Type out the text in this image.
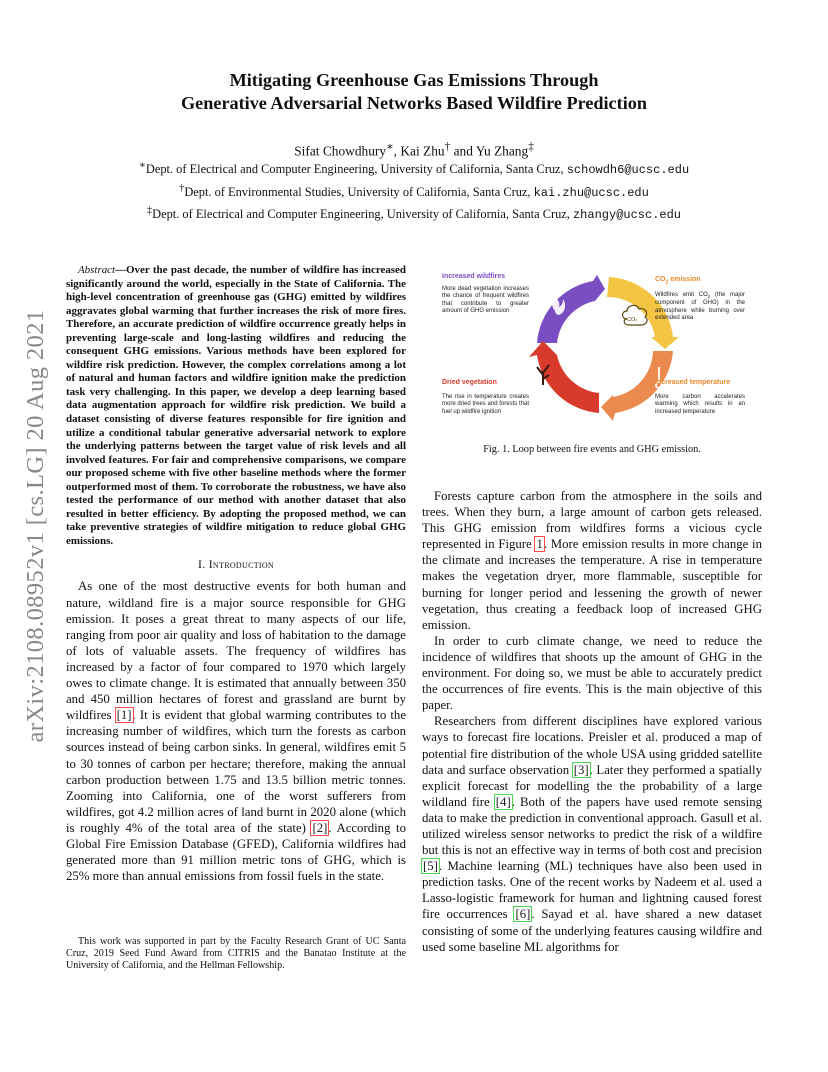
arXiv:2108.08952v1 [cs.LG] 20 Aug 2021
Mitigating Greenhouse Gas Emissions Through
Generative Adversarial Networks Based Wildfire Prediction
Sifat Chowdhury∗, Kai Zhu† and Yu Zhang‡
∗Dept. of Electrical and Computer Engineering, University of California, Santa Cruz, schowdh6@ucsc.edu
†Dept. of Environmental Studies, University of California, Santa Cruz, kai.zhu@ucsc.edu
‡Dept. of Electrical and Computer Engineering, University of California, Santa Cruz, zhangy@ucsc.edu

Abstract—Over the past decade, the number of wildfire has increased significantly around the world, especially in the State of California. The high-level concentration of greenhouse gas (GHG) emitted by wildfires aggravates global warming that further increases the risk of more fires. Therefore, an accurate prediction of wildfire occurrence greatly helps in preventing large-scale and long-lasting wildfires and reducing the consequent GHG emissions. Various methods have been explored for wildfire risk prediction. However, the complex correlations among a lot of natural and human factors and wildfire ignition make the prediction task very challenging. In this paper, we develop a deep learning based data augmentation approach for wildfire risk prediction. We build a dataset consisting of diverse features responsible for fire ignition and utilize a conditional tabular generative adversarial network to explore the underlying patterns between the target value of risk levels and all involved features. For fair and comprehensive comparisons, we compare our proposed scheme with five other baseline methods where the former outperformed most of them. To corroborate the robustness, we have also tested the performance of our method with another dataset that also resulted in better efficiency. By adopting the proposed method, we can take preventive strategies of wildfire mitigation to reduce global GHG emissions.

I. Introduction

As one of the most destructive events for both human and nature, wildland fire is a major source responsible for GHG emission. It poses a great threat to many aspects of our life, ranging from poor air quality and loss of habitation to the damage of lots of valuable assets. The frequency of wildfires has increased by a factor of four compared to 1970 which largely owes to climate change. It is estimated that annually between 350 and 450 million hectares of forest and grassland are burnt by wildfires [1]. It is evident that global warming contributes to the increasing number of wildfires, which turn the forests as carbon sources instead of being carbon sinks. In general, wildfires emit 5 to 30 tonnes of carbon per hectare; therefore, making the annual carbon production between 1.75 and 13.5 billion metric tonnes. Zooming into California, one of the worst sufferers from wildfires, got 4.2 million acres of land burnt in 2020 alone (which is roughly 4% of the total area of the state) [2]. According to Global Fire Emission Database (GFED), California wildfires had generated more than 91 million metric tons of GHG, which is 25% more than annual emissions from fossil fuels in the state.

This work was supported in part by the Faculty Research Grant of UC Santa Cruz, 2019 Seed Fund Award from CITRIS and the Banatao Institute at the University of California, and the Hellman Fellowship.
CO₂
Increased wildfires
More dead vegetation increases the chance of frequent wildfires that contribute to greater amount of GHG emission
$CO_2$ emission
Wildfires emit $CO_2$ (the major component of GHG) in the atmosphere while burning over extended area
Dried vegetation
The rise in temperature creates more dried trees and forests that fuel up wildfire ignition
Increased temperature
More carbon accelerates warming which results in an increased temperature
Fig. 1. Loop between fire events and GHG emission.

Forests capture carbon from the atmosphere in the soils and trees. When they burn, a large amount of carbon gets released. This GHG emission from wildfires forms a vicious cycle represented in Figure 1. More emission results in more change in the climate and increases the temperature. A rise in temperature makes the vegetation dryer, more flammable, susceptible for burning for longer period and lessening the growth of newer vegetation, thus creating a feedback loop of increased GHG emission.

In order to curb climate change, we need to reduce the incidence of wildfires that shoots up the amount of GHG in the environment. For doing so, we must be able to accurately predict the occurrences of fire events. This is the main objective of this paper.

Researchers from different disciplines have explored various ways to forecast fire locations. Preisler et al. produced a map of potential fire distribution of the whole USA using gridded satellite data and surface observation [3]. Later they performed a spatially explicit forecast for modelling the the probability of a large wildland fire [4]. Both of the papers have used remote sensing data to make the prediction in conventional approach. Gasull et al. utilized wireless sensor networks to predict the risk of a wildfire but this is not an effective way in terms of both cost and precision [5]. Machine learning (ML) techniques have also been used in prediction tasks. One of the recent works by Nadeem et al. used a Lasso-logistic framework for human and lightning caused forest fire occurrences [6]. Sayad et al. have shared a new dataset consisting of some of the underlying features causing wildfire and used some baseline ML algorithms for
